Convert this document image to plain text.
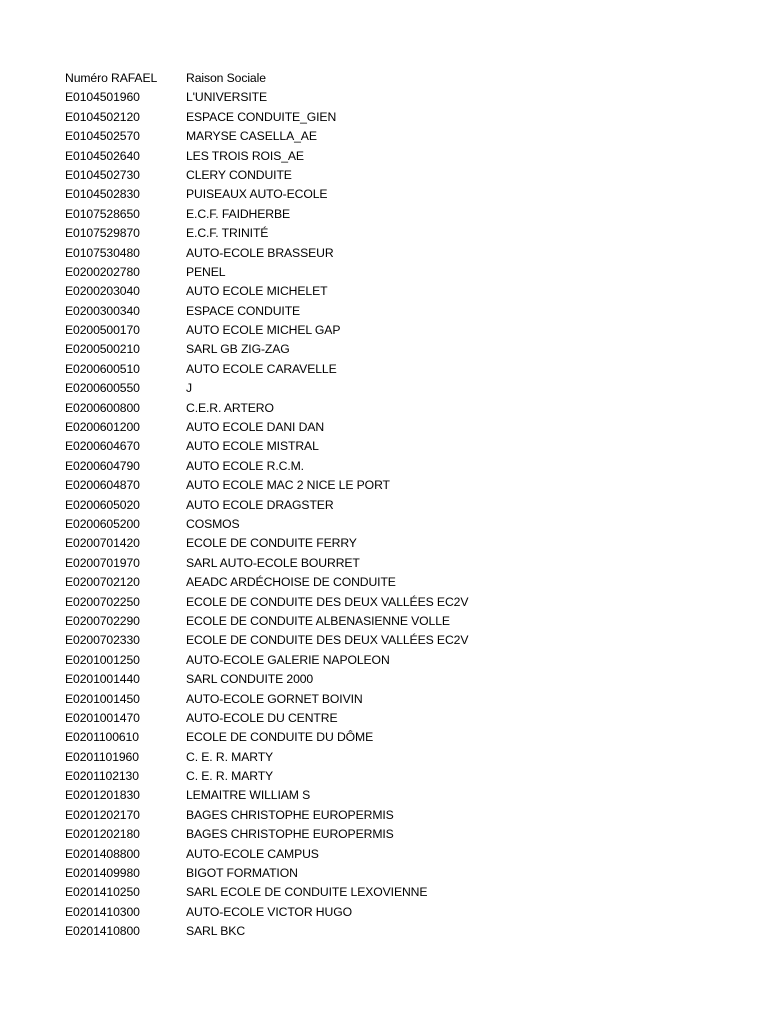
Numéro RAFAEL Raison Sociale
E0104501960	L'UNIVERSITE
E0104502120	ESPACE CONDUITE_GIEN
E0104502570	MARYSE CASELLA_AE
E0104502640	LES TROIS ROIS_AE
E0104502730	CLERY CONDUITE
E0104502830	PUISEAUX AUTO-ECOLE
E0107528650	E.C.F. FAIDHERBE
E0107529870	E.C.F. TRINITÉ
E0107530480	AUTO-ECOLE BRASSEUR
E0200202780	PENEL
E0200203040	AUTO ECOLE MICHELET
E0200300340	ESPACE CONDUITE
E0200500170	AUTO ECOLE MICHEL GAP
E0200500210	SARL GB ZIG-ZAG
E0200600510	AUTO ECOLE CARAVELLE
E0200600550	J
E0200600800	C.E.R. ARTERO
E0200601200	AUTO ECOLE DANI DAN
E0200604670	AUTO ECOLE MISTRAL
E0200604790	AUTO ECOLE R.C.M.
E0200604870	AUTO ECOLE MAC 2 NICE LE PORT
E0200605020	AUTO ECOLE DRAGSTER
E0200605200	COSMOS
E0200701420	ECOLE DE CONDUITE FERRY
E0200701970	SARL AUTO-ECOLE BOURRET
E0200702120	AEADC ARDÉCHOISE DE CONDUITE
E0200702250	ECOLE DE CONDUITE DES DEUX VALLÉES EC2V
E0200702290	ECOLE DE CONDUITE ALBENASIENNE VOLLE
E0200702330	ECOLE DE CONDUITE DES DEUX VALLÉES EC2V
E0201001250	AUTO-ECOLE GALERIE NAPOLEON
E0201001440	SARL CONDUITE 2000
E0201001450	AUTO-ECOLE GORNET BOIVIN
E0201001470	AUTO-ECOLE DU CENTRE
E0201100610	ECOLE DE CONDUITE DU DÔME
E0201101960	C. E. R. MARTY
E0201102130	C. E. R. MARTY
E0201201830	LEMAITRE WILLIAM S
E0201202170	BAGES CHRISTOPHE EUROPERMIS
E0201202180	BAGES CHRISTOPHE EUROPERMIS
E0201408800	AUTO-ECOLE CAMPUS
E0201409980	BIGOT FORMATION
E0201410250	SARL ECOLE DE CONDUITE LEXOVIENNE
E0201410300	AUTO-ECOLE VICTOR HUGO
E0201410800	SARL BKC
